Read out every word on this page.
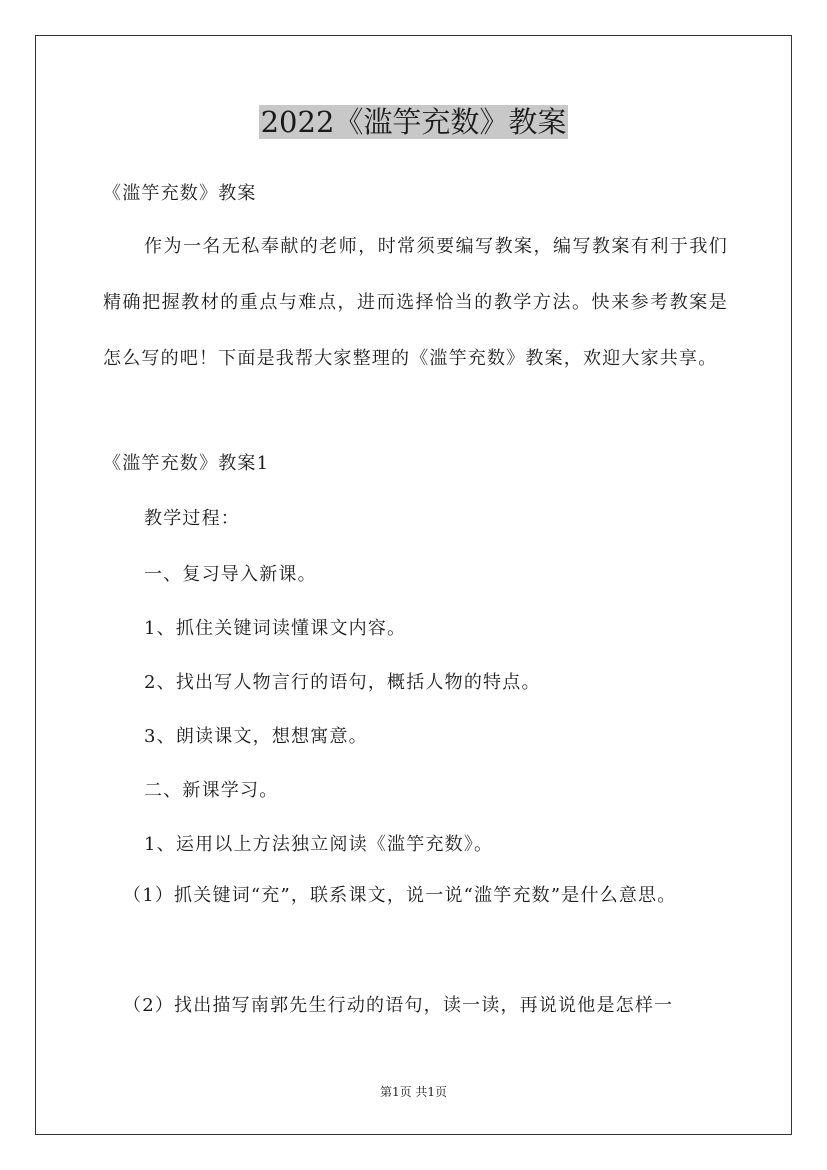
2022《滥竽充数》教案

《滥竽充数》教案

作为一名无私奉献的老师，时常须要编写教案，编写教案有利于我们精确把握教材的重点与难点，进而选择恰当的教学方法。快来参考教案是怎么写的吧！下面是我帮大家整理的《滥竽充数》教案，欢迎大家共享。

《滥竽充数》教案1

教学过程：

一、复习导入新课。

1、抓住关键词读懂课文内容。

2、找出写人物言行的语句，概括人物的特点。

3、朗读课文，想想寓意。

二、新课学习。

1、运用以上方法独立阅读《滥竽充数》。

（1）抓关键词“充”，联系课文，说一说“滥竽充数”是什么意思。

（2）找出描写南郭先生行动的语句，读一读，再说说他是怎样一

第1页 共1页
